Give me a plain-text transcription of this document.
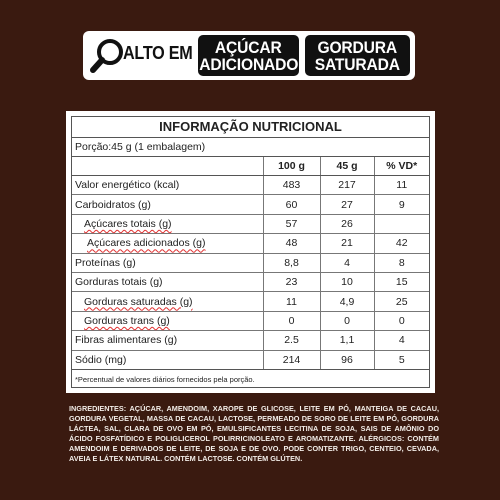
ALTO EM	AÇÚCAR
ADICIONADO
GORDURA
SATURADA
INFORMAÇÃO NUTRICIONAL
Porção:45 g (1 embalagem)
	100 g	45 g	% VD*
Valor energético (kcal)	483	217	11
Carboidratos (g)	60	27	9
Açúcares totais (g)	57	26	
Açúcares adicionados (g)	48	21	42
Proteínas (g)	8,8	4	8
Gorduras totais (g)	23	10	15
Gorduras saturadas (g)	11	4,9	25
Gorduras trans (g)	0	0	0
Fibras alimentares (g)	2.5	1,1	4
Sódio (mg)	214	96	5
*Percentual de valores diários fornecidos pela porção.
INGREDIENTES: AÇÚCAR, AMENDOIM, XAROPE DE GLICOSE, LEITE EM PÓ, MANTEIGA DE CACAU, GORDURA VEGETAL, MASSA DE CACAU, LACTOSE, PERMEADO DE SORO DE LEITE EM PÓ, GORDURA LÁCTEA, SAL, CLARA DE OVO EM PÓ, EMULSIFICANTES LECITINA DE SOJA, SAIS DE AMÔNIO DO ÁCIDO FOSFATÍDICO E POLIGLICEROL POLIRRICINOLEATO E AROMATIZANTE. ALÉRGICOS: CONTÉM AMENDOIM E DERIVADOS DE LEITE, DE SOJA E DE OVO. PODE CONTER TRIGO, CENTEIO, CEVADA, AVEIA E LÁTEX NATURAL. CONTÉM LACTOSE. CONTÉM GLÚTEN.
